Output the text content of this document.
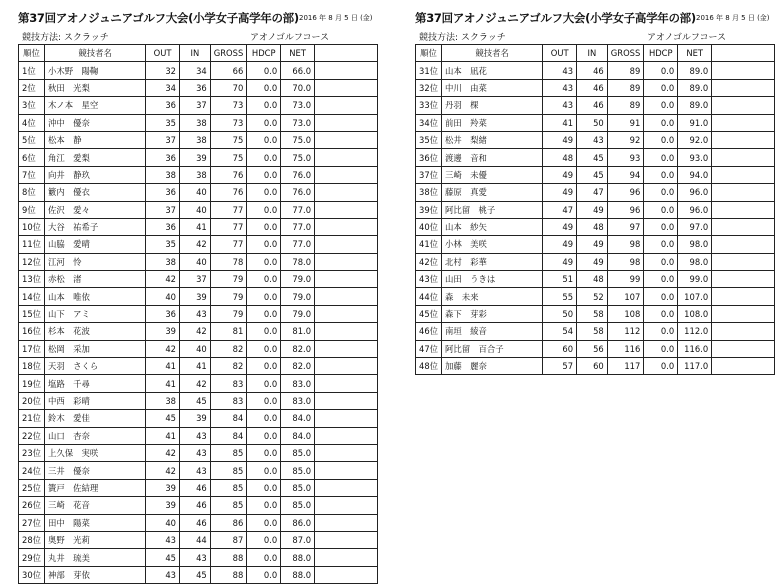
第37回アオノジュニアゴルフ大会(小学女子高学年の部) 2016 年 8 月 5 日 (金)
競技方法: スクラッチ	アオノゴルフコース
順位	競技者名	OUT	IN	GROSS	HDCP	NET	
1位	小木野　陽鞠	32	34	66	0.0	66.0	
2位	秋田　光梨	34	36	70	0.0	70.0	
3位	木ノ本　星空	36	37	73	0.0	73.0	
4位	沖中　優奈	35	38	73	0.0	73.0	
5位	松本　静	37	38	75	0.0	75.0	
6位	角江　愛梨	36	39	75	0.0	75.0	
7位	向井　静玖	38	38	76	0.0	76.0	
8位	籔内　優衣	36	40	76	0.0	76.0	
9位	佐沢　愛々	37	40	77	0.0	77.0	
10位	大谷　祐希子	36	41	77	0.0	77.0	
11位	山脇　愛晴	35	42	77	0.0	77.0	
12位	江河　怜	38	40	78	0.0	78.0	
13位	赤松　渚	42	37	79	0.0	79.0	
14位	山本　唯依	40	39	79	0.0	79.0	
15位	山下　アミ	36	43	79	0.0	79.0	
16位	杉本　花波	39	42	81	0.0	81.0	
17位	松岡　采加	42	40	82	0.0	82.0	
18位	天羽　さくら	41	41	82	0.0	82.0	
19位	塩路　千尋	41	42	83	0.0	83.0	
20位	中西　彩晴	38	45	83	0.0	83.0	
21位	鈴木　愛佳	45	39	84	0.0	84.0	
22位	山口　杏奈	41	43	84	0.0	84.0	
23位	上久保　実咲	42	43	85	0.0	85.0	
24位	三井　優奈	42	43	85	0.0	85.0	
25位	簀戸　佐結理	39	46	85	0.0	85.0	
26位	三崎　花音	39	46	85	0.0	85.0	
27位	田中　陽菜	40	46	86	0.0	86.0	
28位	奥野　光莉	43	44	87	0.0	87.0	
29位	丸井　琉美	45	43	88	0.0	88.0	
30位	神部　芽依	43	45	88	0.0	88.0	
第37回アオノジュニアゴルフ大会(小学女子高学年の部) 2016 年 8 月 5 日 (金)
競技方法: スクラッチ	アオノゴルフコース
順位	競技者名	OUT	IN	GROSS	HDCP	NET	
31位	山本　凪花	43	46	89	0.0	89.0	
32位	中川　由菜	43	46	89	0.0	89.0	
33位	丹羽　棵	43	46	89	0.0	89.0	
34位	前田　羚菜	41	50	91	0.0	91.0	
35位	松井　梨緒	49	43	92	0.0	92.0	
36位	渡邊　音和	48	45	93	0.0	93.0	
37位	三崎　未優	49	45	94	0.0	94.0	
38位	藤原　真愛	49	47	96	0.0	96.0	
39位	阿比留　桃子	47	49	96	0.0	96.0	
40位	山本　紗矢	49	48	97	0.0	97.0	
41位	小林　美咲	49	49	98	0.0	98.0	
42位	北村　彩華	49	49	98	0.0	98.0	
43位	山田　うきは	51	48	99	0.0	99.0	
44位	森　未来	55	52	107	0.0	107.0	
45位	森下　芽彩	50	58	108	0.0	108.0	
46位	南垣　綾音	54	58	112	0.0	112.0	
47位	阿比留　百合子	60	56	116	0.0	116.0	
48位	加藤　麗奈	57	60	117	0.0	117.0	
